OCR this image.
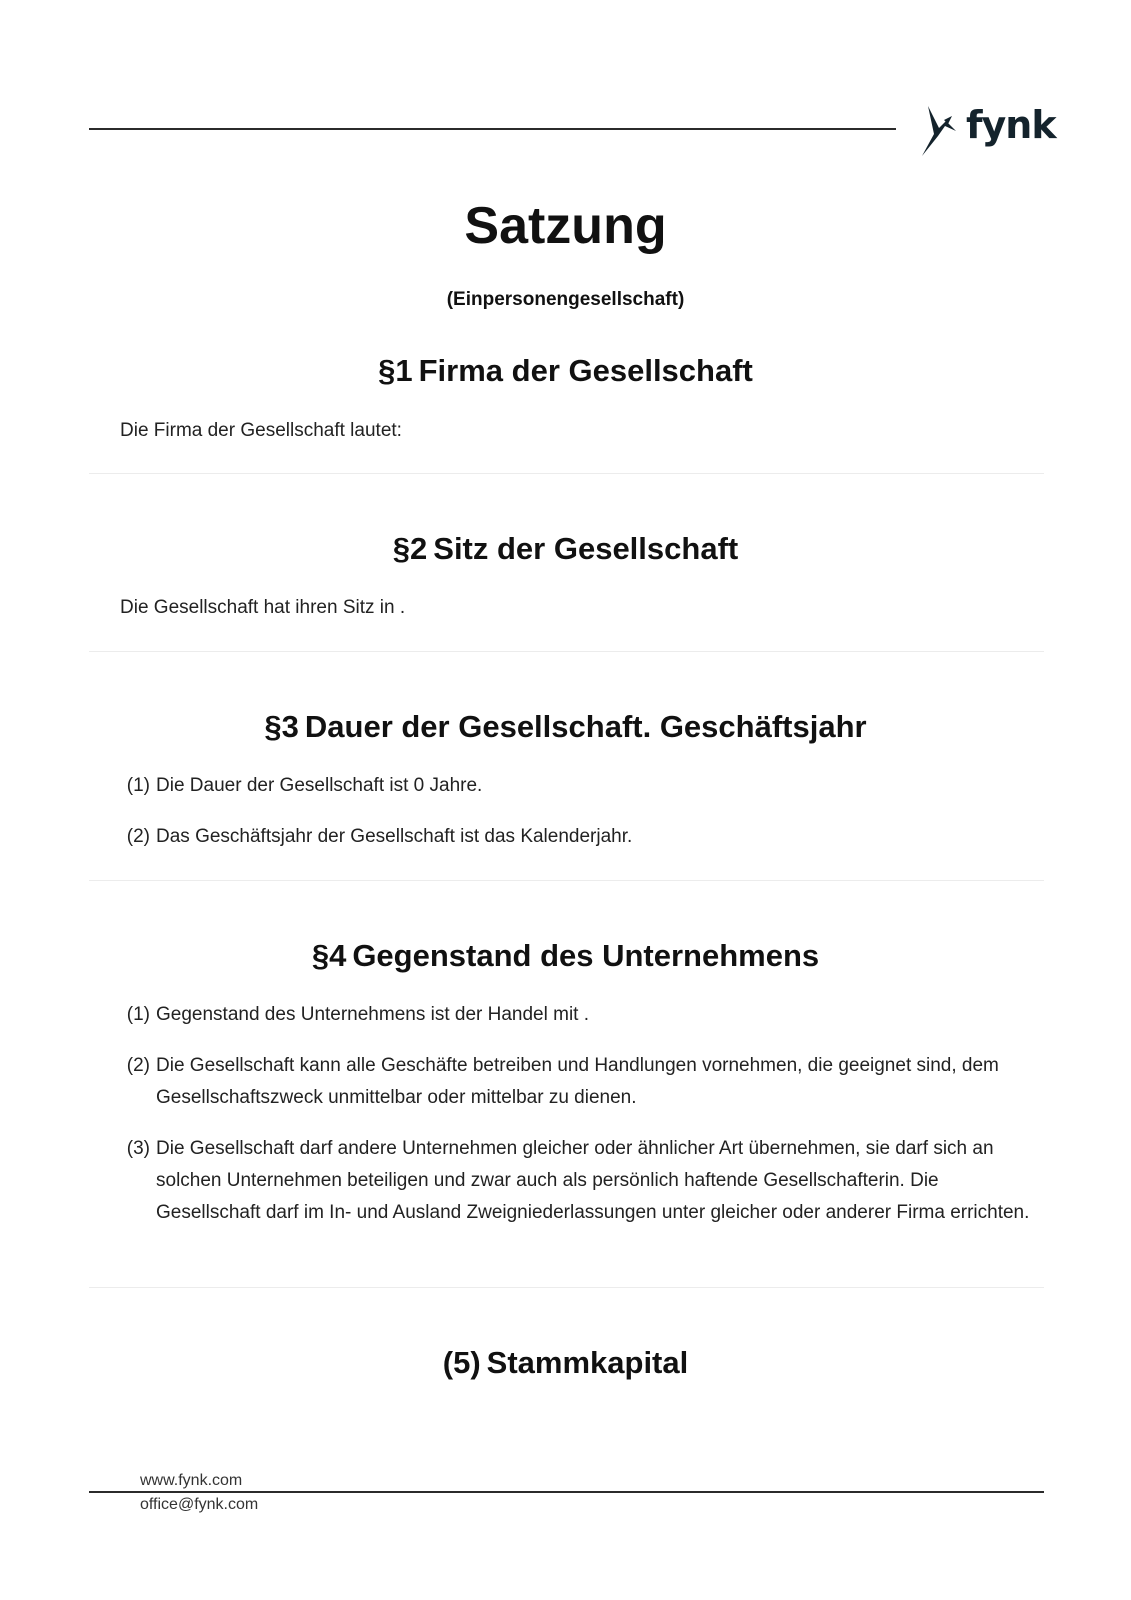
fynk
Satzung

(Einpersonengesellschaft)

§1 Firma der Gesellschaft

Die Firma der Gesellschaft lautet:

§2 Sitz der Gesellschaft

Die Gesellschaft hat ihren Sitz in .

§3 Dauer der Gesellschaft. Geschäftsjahr
(1) Die Dauer der Gesellschaft ist 0 Jahre.
(2) Das Geschäftsjahr der Gesellschaft ist das Kalenderjahr.
§4 Gegenstand des Unternehmens
(1) Gegenstand des Unternehmens ist der Handel mit .
(2) Die Gesellschaft kann alle Geschäfte betreiben und Handlungen vornehmen, die geeignet sind, dem Gesellschaftszweck unmittelbar oder mittelbar zu dienen.
(3) Die Gesellschaft darf andere Unternehmen gleicher oder ähnlicher Art übernehmen, sie darf sich an solchen Unternehmen beteiligen und zwar auch als persönlich haftende Gesellschafterin. Die Gesellschaft darf im In- und Ausland Zweigniederlassungen unter gleicher oder anderer Firma errichten.
(5) Stammkapital
www.fynk.com
office@fynk.com
